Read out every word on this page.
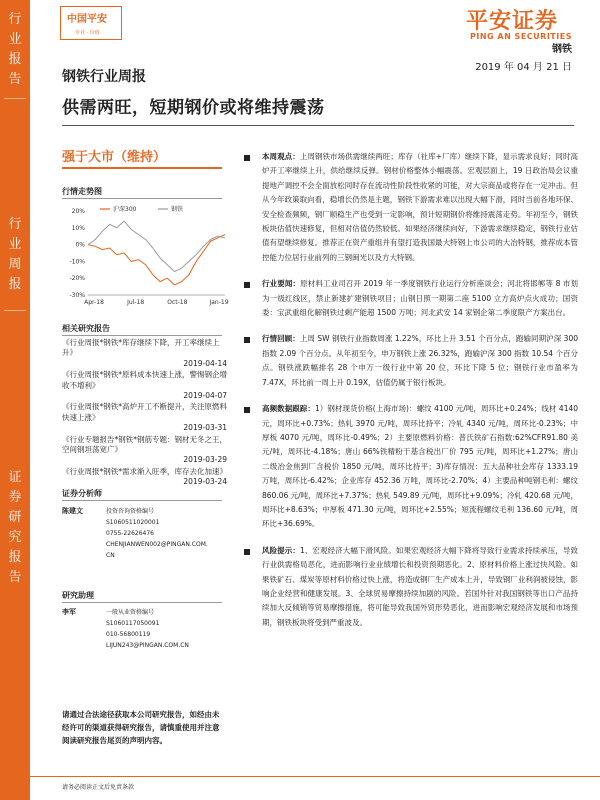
行
业
报
告
行
业
周
报
证
券
研
究
报
告
中国平安
专业 · 价值	平安证券
PING AN SECURITIES
钢铁
2019 年 04 月 21 日
钢铁行业周报
供需两旺，短期钢价或将维持震荡
强于大市（维持）
行情走势图
20%
10%
0%
-10%
-20%
-30%
Apr-18	Jul-18	Oct-18	Jan-19
沪深300	钢铁
相关研究报告
《行业周报*钢铁*库存继续下降，开工率继续上升》
2019-04-14
《行业周报*钢铁*原料成本快速上涨，警惕钢企增收不增利》
2019-04-07
《行业周报*钢铁*高炉开工不断提升，关注原燃料快速上涨》
2019-03-31
《行业专题报告*钢铁*钢筋专题：钢材无冬之王，空间钢坦荡宽广》
2019-03-29
《行业周报*钢铁*需求渐入旺季，库存去化加速》
2019-03-24
证券分析师
陈建文	投资咨询资格编号
S1060511020001
0755-22626476
CHENJIANWEN002@PINGAN.COM.
CN
研究助理
李军	一般从业资格编号
S1060117050091
010-56800119
LIJUN243@PINGAN.COM.CN
请通过合法途径获取本公司研究报告，如经由未经许可的渠道获得研究报告，请慎重使用并注意阅读研究报告尾页的声明内容。
本周观点：上周钢铁市场供需继续两旺；库存（社库+厂库）继续下降，显示需求良好；同时高炉开工率继续上升，供给继续反弹。钢材价格整体小幅震荡。宏观层面上，19 日政治局会议重提地产调控不会全面放松同时存在流动性阶段性收紧的可能，对大宗商品或将存在一定冲击。但从今年政策取向看，稳增长仍然是主题，钢铁下游需求难以出现大幅下滑，同时当前各地环保、安全检查频频，钢厂顺稳生产也受到一定影响，预计短期钢价将维持震荡走势。年初至今，钢铁板块估值快速修复，但相对估值仍然较低。如果经济继续向好，下游需求继续稳定，钢铁行业估值有望继续修复。推荐正在资产重组并有望打造我国最大特钢上市公司的大冶特钢，推荐成本管控能力位居行业前列的三钢闽光以及方大特钢。
行业要闻：原材料工业司召开 2019 年一季度钢铁行业运行分析座谈会；河北将邯郸等 8 市划为一级红线区，禁止新建扩建钢铁项目；山钢日照一期第二座 5100 立方高炉点火成功；国资委：宝武重组化解钢铁过剩产能超 1500 万吨；河北武安 14 家钢企第二季度限产方案出台。
行情回顾：上周 SW 钢铁行业指数周涨 1.22%，环比上升 3.51 个百分点，跑输同期沪深 300 指数 2.09 个百分点。从年初至今，申万钢铁上涨 26.32%，跑输沪深 300 指数 10.54 个百分点。钢铁涨跌幅排名 28 个申万一级行业中第 20 位，环比下降 5 位；钢铁行业市盈率为 7.47X，环比前一周上升 0.19X，估值仍属于银行板块。
高频数据跟踪：1）钢材现货价格(上海市场)：螺纹 4100 元/吨，周环比+0.24%；线材 4140 元，周环比+0.73%；热轧 3970 元/吨，周环比持平；冷轧 4340 元/吨，周环比-0.23%；中厚板 4070 元/吨，周环比-0.49%；2）主要原燃料价格：普氏铁矿石指数:62%CFR91.80 美元/吨，周环比-4.18%；唐山 66%铁精粉干基含税出厂价 795 元/吨，周环比+1.27%；唐山二级冶金焦到厂含税价 1850 元/吨，周环比持平；3)库存情况：五大品种社会库存 1333.19 万吨，周环比-6.42%；企业库存 452.36 万吨，周环比-2.70%；4）主要品种吨钢毛利：螺纹 860.06 元/吨，周环比+7.37%；热轧 549.89 元/吨，周环比+9.09%；冷轧 420.68 元/吨，周环比+8.63%；中厚板 471.30 元/吨，周环比+2.55%；短流程螺纹毛利 136.60 元/吨，周环比+36.69%。
风险提示：1、宏观经济大幅下滑风险。如果宏观经济大幅下降将导致行业需求持续承压，导致行业供需格局恶化，进而影响行业业绩增长和投资预期恶化。2、原材料价格上涨过快风险。如果铁矿石、煤炭等原材料价格过快上涨，将造成钢厂生产成本上升，导致钢厂业利润被侵蚀，影响企业经营和健康发展。3、全球贸易摩擦持续加剧的风险。若国外针对我国钢铁等出口产品持续加大反倾销等贸易摩擦措施，将可能导致我国外贸形势恶化，进而影响宏观经济发展和市场预期，钢铁板块将受到严重波及。
请务必阅读正文后免责条款
